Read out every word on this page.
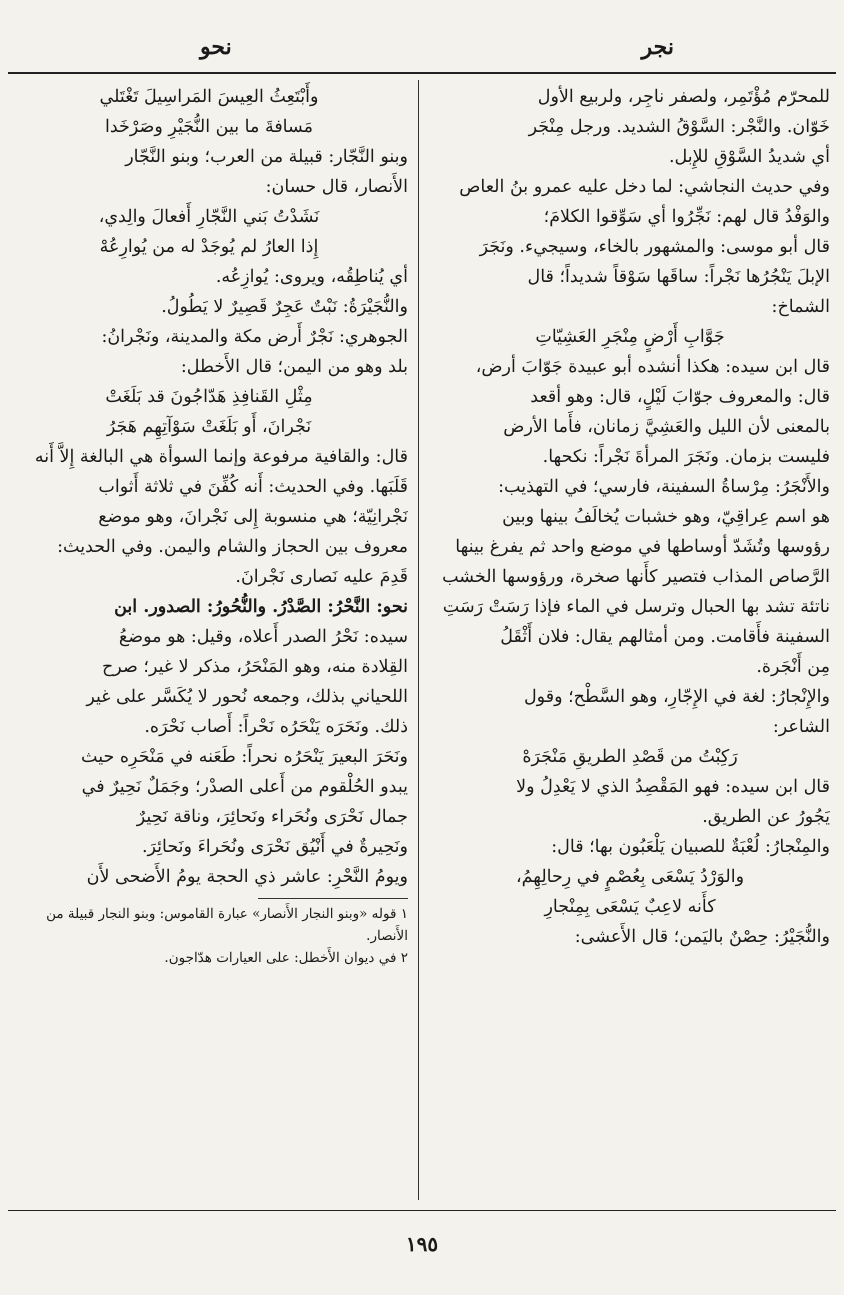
نجر
نحو

للمحرّم مُؤْتَمِر، ولصفر ناجِر، ولربيع الأول

خَوّان. والنَّجْر: السَّوْقُ الشديد. ورجل مِنْجَر

أي شديدُ السَّوْقِ للإِبل.

وفي حديث النجاشي: لما دخل عليه عمرو بنُ العاص

والوَفْدُ قال لهم: نَجِّرُوا أي سَوِّقوا الكلامَ؛

قال أبو موسى: والمشهور بالخاء، وسيجيء. ونَجَرَ

الإبلَ يَنْجُرُها نَجْراً: ساقَها سَوْقاً شديداً؛ قال

الشماخ:

جَوَّابِ أَرْضٍ مِنْجَرِ العَشِيّاتِ

قال ابن سيده: هكذا أنشده أبو عبيدة جَوّابَ أرض،

قال: والمعروف جوّابَ لَيْلٍ، قال: وهو أقعد

بالمعنى لأن الليل والعَشِيَّ زمانان، فأَما الأرض

فليست بزمان. ونَجَرَ المرأةَ نَجْراً: نكحها.

والأَنْجَرُ: مِرْساةُ السفينة، فارسي؛ في التهذيب:

هو اسم عِراقِيّ، وهو خشبات يُخالَفُ بينها وبين

رؤوسها وتُشَدّ أوساطها في موضع واحد ثم يفرغ بينها

الرَّصاص المذاب فتصير كأَنها صخرة، ورؤوسها الخشب

ناتئة تشد بها الحبال وترسل في الماء فإذا رَسَتْ رَسَتِ

السفينة فأَقامت. ومن أمثالهم يقال: فلان أَثْقَلُ

مِن أَنْجَرة.

والإِنْجارُ: لغة في الإِجّارِ، وهو السَّطْح؛ وقول

الشاعر:

رَكِبْتُ من قَصْدِ الطريقِ مَنْجَرَهْ

قال ابن سيده: فهو المَقْصِدُ الذي لا يَعْدِلُ ولا

يَجُورُ عن الطريق.

والمِنْجارُ: لُعْبَةٌ للصبيان يَلْعَبُون بها؛ قال:

والوَرْدُ يَسْعَى بِعُصْمٍ في رِحالِهِمُ،

كأَنه لاعِبٌ يَسْعَى بِمِنْجارِ

والنُّجَيْرُ: حِصْنٌ باليَمن؛ قال الأَعشى:

وأَبْتَعِثُ العِيسَ المَراسِيلَ تَغْتَلي

مَسافةَ ما بين النُّجَيْرِ وصَرْخَدا

وبنو النَّجّار: قبيلة من العرب؛ وبنو النَّجّار

الأَنصار، قال حسان:

نَشَدْتُ بَني النَّجّارِ أَفعالَ والِدي،

إِذا العارُ لم يُوجَدْ له من يُوارِعُهْ

أي يُناطِقُه، ويروى: يُوازِعُه.

والنُّجَيْرَةُ: نَبْتٌ عَجِرٌ قَصِيرٌ لا يَطُولُ.

الجوهري: نَجْرٌ أَرض مكة والمدينة، ونَجْرانُ:

بلد وهو من اليمن؛ قال الأَخطل:

مِثْلِ القَنافِذِ هَدّاجُونَ قد بَلَغَتْ

نَجْرانَ، أَو بَلَغَتْ سَوْآتِهِم هَجَرُ

قال: والقافية مرفوعة وإنما السوأة هي البالغة إِلاَّ أَنه

قَلَبَها. وفي الحديث: أَنه كُفِّنَ في ثلاثة أَثواب

نَجْرانِيّة؛ هي منسوبة إِلى نَجْرانَ، وهو موضع

معروف بين الحجاز والشام واليمن. وفي الحديث:

قَدِمَ عليه نَصارى نَجْرانَ.

نحو: النَّحْرُ: الصَّدْرُ. والنُّحُورُ: الصدور. ابن

سيده: نَحْرُ الصدر أَعلاه، وقيل: هو موضعُ

القِلادة منه، وهو المَنْحَرُ، مذكر لا غير؛ صرح

اللحياني بذلك، وجمعه نُحور لا يُكَسَّر على غير

ذلك. ونَحَرَه يَنْحَرُه نَحْراً: أَصاب نَحْرَه.

ونَحَرَ البعيرَ يَنْحَرُه نحراً: طَعَنه في مَنْحَرِه حيث

يبدو الحُلْقوم من أَعلى الصدْر؛ وجَمَلٌ نَحِيرٌ في

جمال نَحْرَى ونُحَراء ونَحائِرَ، وناقة نَحِيرٌ

ونَحِيرةٌ في أَنْيُق نَحْرَى ونُحَراءَ ونَحائِرَ.

ويومُ النَّحْرِ: عاشر ذي الحجة يومُ الأَضحى لأَن

١ قوله «وبنو النجار الأَنصار» عبارة القاموس: وبنو النجار قبيلة من الأَنصار.

٢ في ديوان الأَخطل: على العيارات هدّاجون.

١٩٥
